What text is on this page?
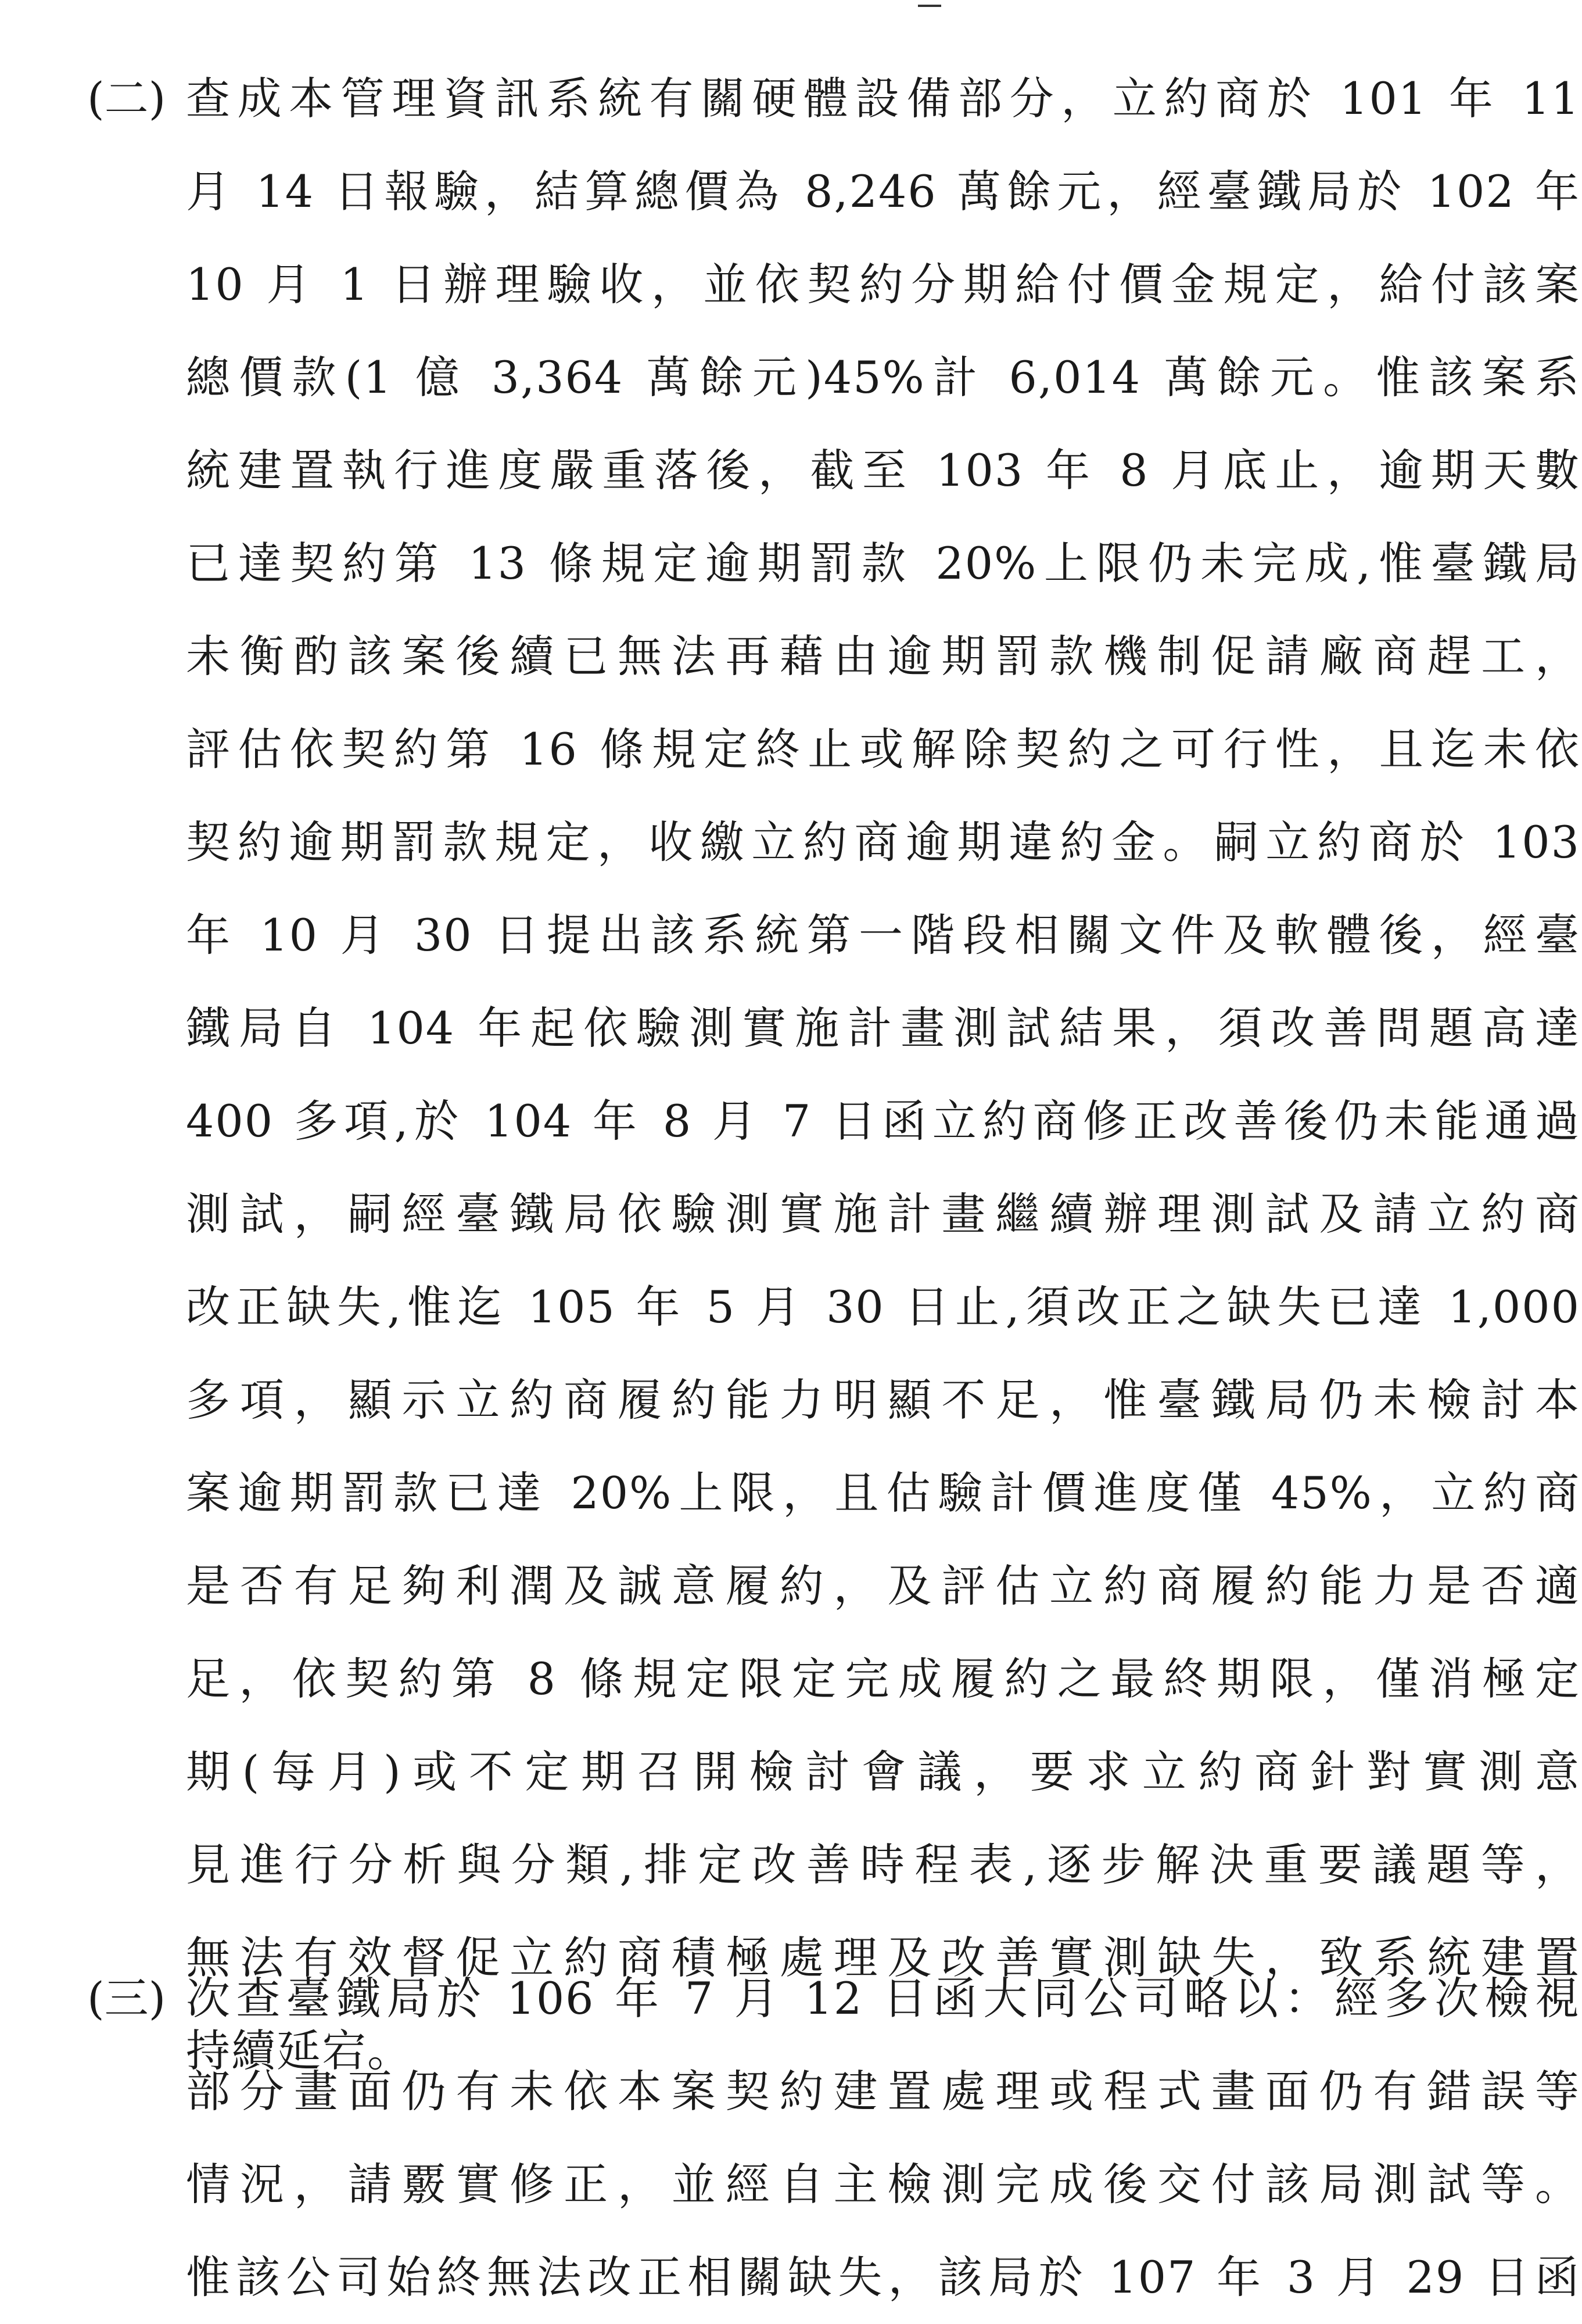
(二) 查成本管理資訊系統有關硬體設備部分，立約商於 101 年 11
月 14 日報驗，結算總價為 8,246 萬餘元，經臺鐵局於 102 年
10 月 1 日辦理驗收，並依契約分期給付價金規定，給付該案
總價款(1 億 3,364 萬餘元)45%計 6,014 萬餘元。惟該案系
統建置執行進度嚴重落後，截至 103 年 8 月底止，逾期天數
已達契約第 13 條規定逾期罰款 20%上限仍未完成,惟臺鐵局
未衡酌該案後續已無法再藉由逾期罰款機制促請廠商趕工，
評估依契約第 16 條規定終止或解除契約之可行性，且迄未依
契約逾期罰款規定，收繳立約商逾期違約金。嗣立約商於 103
年 10 月 30 日提出該系統第一階段相關文件及軟體後，經臺
鐵局自 104 年起依驗測實施計畫測試結果，須改善問題高達
400 多項,於 104 年 8 月 7 日函立約商修正改善後仍未能通過
測試，嗣經臺鐵局依驗測實施計畫繼續辦理測試及請立約商
改正缺失,惟迄 105 年 5 月 30 日止,須改正之缺失已達 1,000
多項，顯示立約商履約能力明顯不足，惟臺鐵局仍未檢討本
案逾期罰款已達 20%上限，且估驗計價進度僅 45%，立約商
是否有足夠利潤及誠意履約，及評估立約商履約能力是否適
足，依契約第 8 條規定限定完成履約之最終期限，僅消極定
期(每月)或不定期召開檢討會議，要求立約商針對實測意
見進行分析與分類,排定改善時程表,逐步解決重要議題等，
無法有效督促立約商積極處理及改善實測缺失，致系統建置
持續延宕。
(三) 次查臺鐵局於 106 年 7 月 12 日函大同公司略以：經多次檢視
部分畫面仍有未依本案契約建置處理或程式畫面仍有錯誤等
情況，請覈實修正，並經自主檢測完成後交付該局測試等。
惟該公司始終無法改正相關缺失，該局於 107 年 3 月 29 日函
